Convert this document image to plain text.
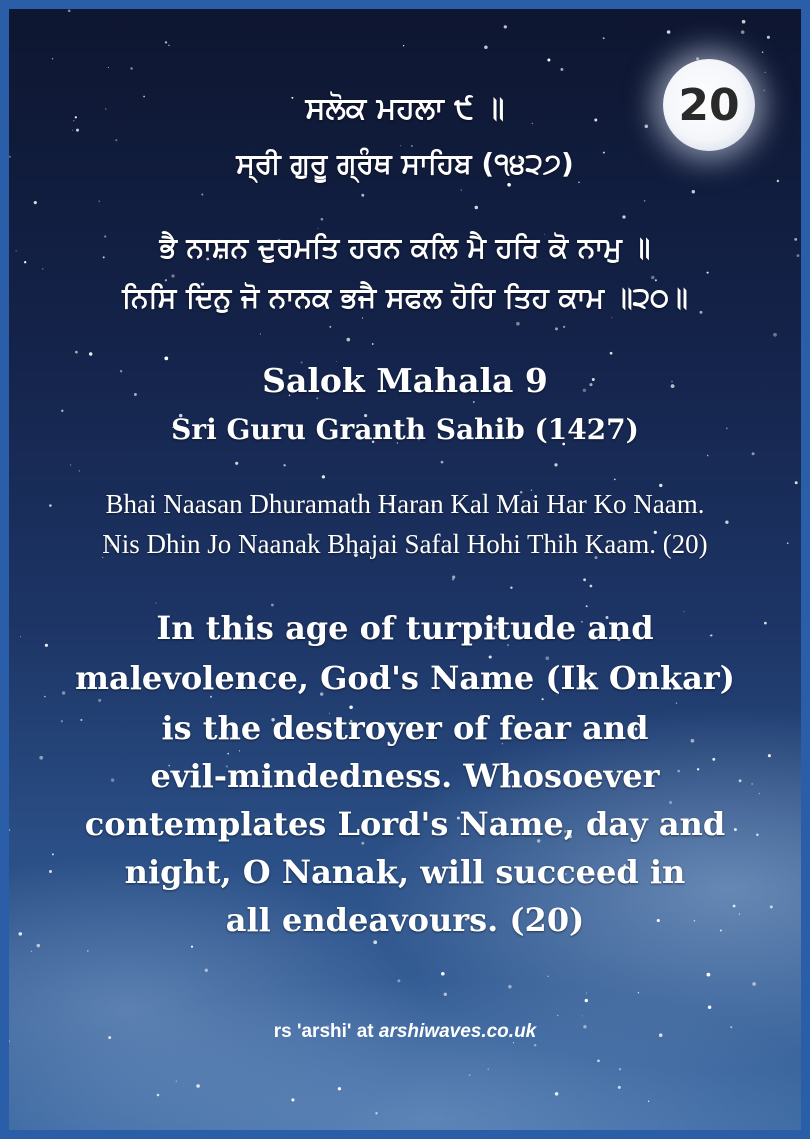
20
ਸਲੋਕ ਮਹਲਾ ੯ ॥
ਸ੍ਰੀ ਗੁਰੂ ਗ੍ਰੰਥ ਸਾਹਿਬ (੧੪੨੭)
ਭੈ ਨਾਸ਼ਨ ਦੁਰਮਤਿ ਹਰਨ ਕਲਿ ਮੈ ਹਰਿ ਕੋ ਨਾਮੁ ॥
ਨਿਸਿ ਦਿਨੁ ਜੋ ਨਾਨਕ ਭਜੈ ਸਫਲ ਹੋਹਿ ਤਿਹ ਕਾਮ ॥੨੦॥
Salok Mahala 9
Sri Guru Granth Sahib (1427)
Bhai Naasan Dhuramath Haran Kal Mai Har Ko Naam.
Nis Dhin Jo Naanak Bhajai Safal Hohi Thih Kaam. (20)
In this age of turpitude and
malevolence, God's Name (Ik Onkar)
is the destroyer of fear and
evil-mindedness. Whosoever
contemplates Lord's Name, day and
night, O Nanak, will succeed in
all endeavours. (20)
rs 'arshi' at arshiwaves.co.uk
